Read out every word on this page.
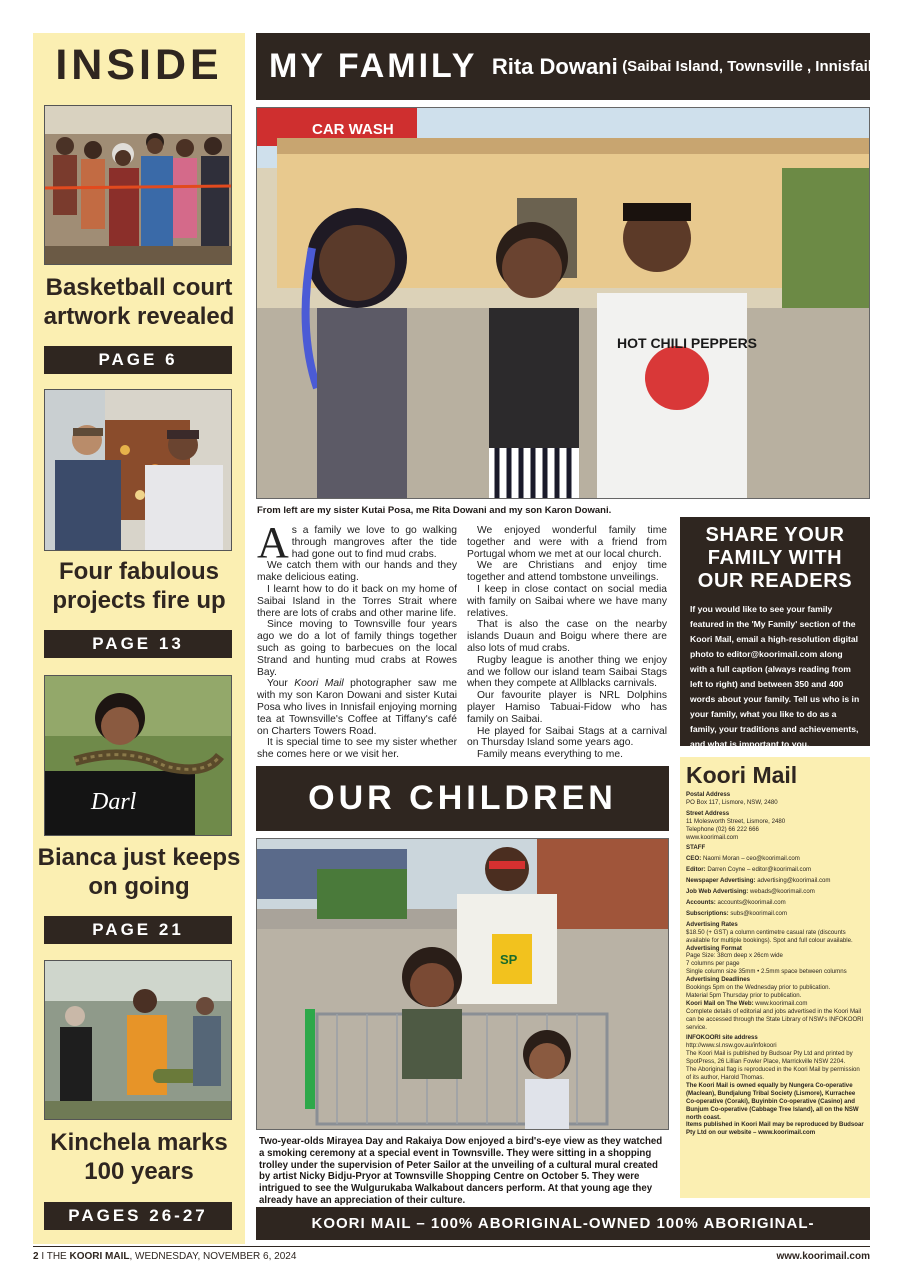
INSIDE
Basketball court artwork revealed
PAGE 6
Four fabulous projects fire up
PAGE 13
Darl
Bianca just keeps on going
PAGE 21
Kinchela marks 100 years
PAGES 26-27
MY FAMILY Rita Dowani (Saibai Island, Townsville , Innisfail)
CAR WASH
HOT CHILI PEPPERS
From left are my sister Kutai Posa, me Rita Dowani and my son Karon Dowani.

As a family we love to go walking through mangroves after the tide had gone out to find mud crabs.

We catch them with our hands and they make delicious eating.

I learnt how to do it back on my home of Saibai Island in the Torres Strait where there are lots of crabs and other marine life.

Since moving to Townsville four years ago we do a lot of family things together such as going to barbecues on the local Strand and hunting mud crabs at Rowes Bay.

Your Koori Mail photographer saw me with my son Karon Dowani and sister Kutai Posa who lives in Innisfail enjoying morning tea at Townsville's Coffee at Tiffany's café on Charters Towers Road.

It is special time to see my sister whether she comes here or we visit her.

We enjoyed wonderful family time together and were with a friend from Portugal whom we met at our local church.

We are Christians and enjoy time together and attend tombstone unveilings.

I keep in close contact on social media with family on Saibai where we have many relatives.

That is also the case on the nearby islands Duaun and Boigu where there are also lots of mud crabs.

Rugby league is another thing we enjoy and we follow our island team Saibai Stags when they compete at Allblacks carnivals.

Our favourite player is NRL Dolphins player Hamiso Tabuai-Fidow who has family on Saibai.

He played for Saibai Stags at a carnival on Thursday Island some years ago.

Family means everything to me.

SHARE YOUR FAMILY WITH OUR READERS
If you would like to see your family featured in the 'My Family' section of the Koori Mail, email a high-resolution digital photo to editor@koorimail.com along with a full caption (always reading from left to right) and between 350 and 400 words about your family. Tell us who is in your family, what you like to do as a family, your traditions and achievements, and what is important to you.
OUR CHILDREN
SP
Two-year-olds Mirayea Day and Rakaiya Dow enjoyed a bird's-eye view as they watched a smoking ceremony at a special event in Townsville. They were sitting in a shopping trolley under the supervision of Peter Sailor at the unveiling of a cultural mural created by artist Nicky Bidju-Pryor at Townsville Shopping Centre on October 5. They were intrigued to see the Wulgurukaba Walkabout dancers perform. At that young age they already have an appreciation of their culture.
Koori Mail
Postal Address
PO Box 117, Lismore, NSW, 2480
Street Address
11 Molesworth Street, Lismore, 2480
Telephone (02) 66 222 666
www.koorimail.com
STAFF
CEO: Naomi Moran – ceo@koorimail.com
Editor: Darren Coyne – editor@koorimail.com
Newspaper Advertising: advertising@koorimail.com
Job Web Advertising: webads@koorimail.com
Accounts: accounts@koorimail.com
Subscriptions: subs@koorimail.com
Advertising Rates
$18.50 (+ GST) a column centimetre casual rate (discounts available for multiple bookings). Spot and full colour available.
Advertising Format
Page Size: 38cm deep x 26cm wide
7 columns per page
Single column size 35mm • 2.5mm space between columns
Advertising Deadlines
Bookings 5pm on the Wednesday prior to publication.
Material 5pm Thursday prior to publication.
Koori Mail on The Web: www.koorimail.com
Complete details of editorial and jobs advertised in the Koori Mail can be accessed through the State Library of NSW's INFOKOORI service.
INFOKOORI site address
http://www.sl.nsw.gov.au/infokoori
The Koori Mail is published by Budsoar Pty Ltd and printed by SpotPress, 26 Lillian Fowler Place, Marrickville NSW 2204.
The Aboriginal flag is reproduced in the Koori Mail by permission of its author, Harold Thomas.
The Koori Mail is owned equally by Nungera Co-operative (Maclean), Bundjalung Tribal Society (Lismore), Kurrachee Co-operative (Coraki), Buyinbin Co-operative (Casino) and Bunjum Co-operative (Cabbage Tree Island), all on the NSW north coast.
Items published in Koori Mail may be reproduced by Budsoar Pty Ltd on our website – www.koorimail.com
KOORI MAIL – 100% ABORIGINAL-OWNED 100% ABORIGINAL-CONTROLLED
2 I THE KOORI MAIL, WEDNESDAY, NOVEMBER 6, 2024	www.koorimail.com
